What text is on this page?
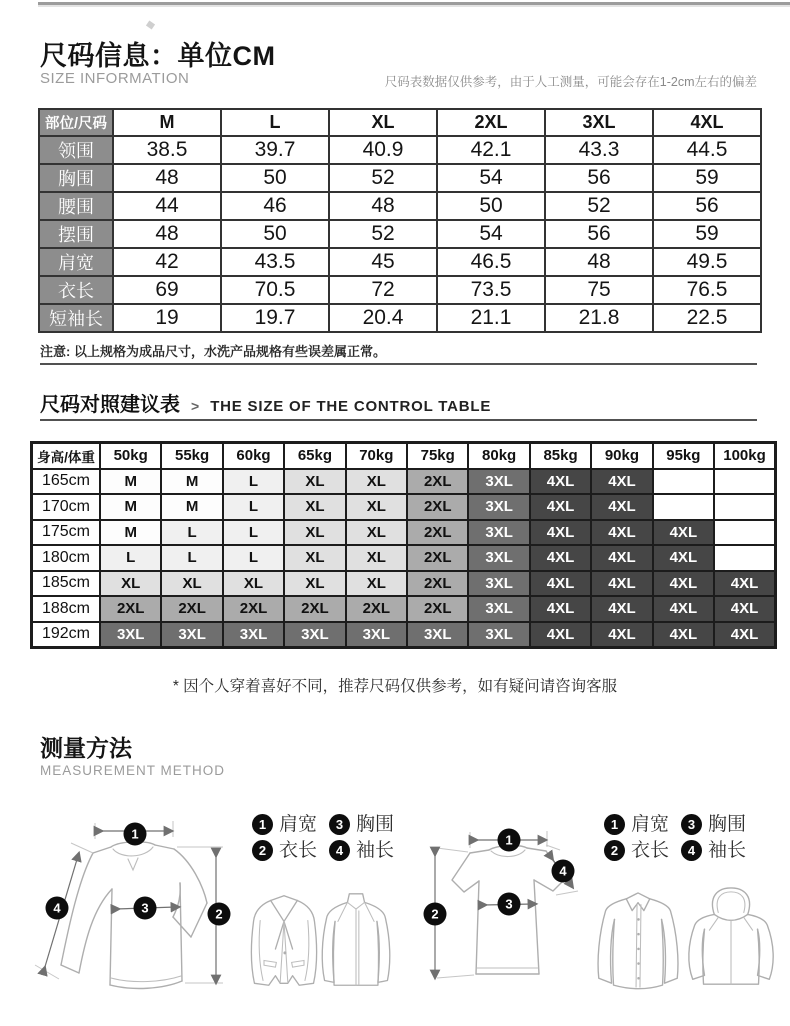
尺码信息：单位CM
SIZE INFORMATION	尺码表数据仅供参考，由于人工测量，可能会存在1-2cm左右的偏差
部位/尺码	M	L	XL	2XL	3XL	4XL
领围	38.5	39.7	40.9	42.1	43.3	44.5
胸围	48	50	52	54	56	59
腰围	44	46	48	50	52	56
摆围	48	50	52	54	56	59
肩宽	42	43.5	45	46.5	48	49.5
衣长	69	70.5	72	73.5	75	76.5
短袖长	19	19.7	20.4	21.1	21.8	22.5
注意: 以上规格为成品尺寸，水洗产品规格有些误差属正常。
尺码对照建议表 > THE SIZE OF THE CONTROL TABLE
身高/体重	50kg	55kg	60kg	65kg	70kg	75kg	80kg	85kg	90kg	95kg	100kg
165cm	M	M	L	XL	XL	2XL	3XL	4XL	4XL		
170cm	M	M	L	XL	XL	2XL	3XL	4XL	4XL		
175cm	M	L	L	XL	XL	2XL	3XL	4XL	4XL	4XL	
180cm	L	L	L	XL	XL	2XL	3XL	4XL	4XL	4XL	
185cm	XL	XL	XL	XL	XL	2XL	3XL	4XL	4XL	4XL	4XL
188cm	2XL	2XL	2XL	2XL	2XL	2XL	3XL	4XL	4XL	4XL	4XL
192cm	3XL	3XL	3XL	3XL	3XL	3XL	3XL	4XL	4XL	4XL	4XL
* 因个人穿着喜好不同，推荐尺码仅供参考，如有疑问请咨询客服
测量方法
MEASUREMENT METHOD
1
3	2
4
1 肩宽	3 胸围
2 衣长	4 袖长	1
3
2
4
1 肩宽	3 胸围
2 衣长	4 袖长
